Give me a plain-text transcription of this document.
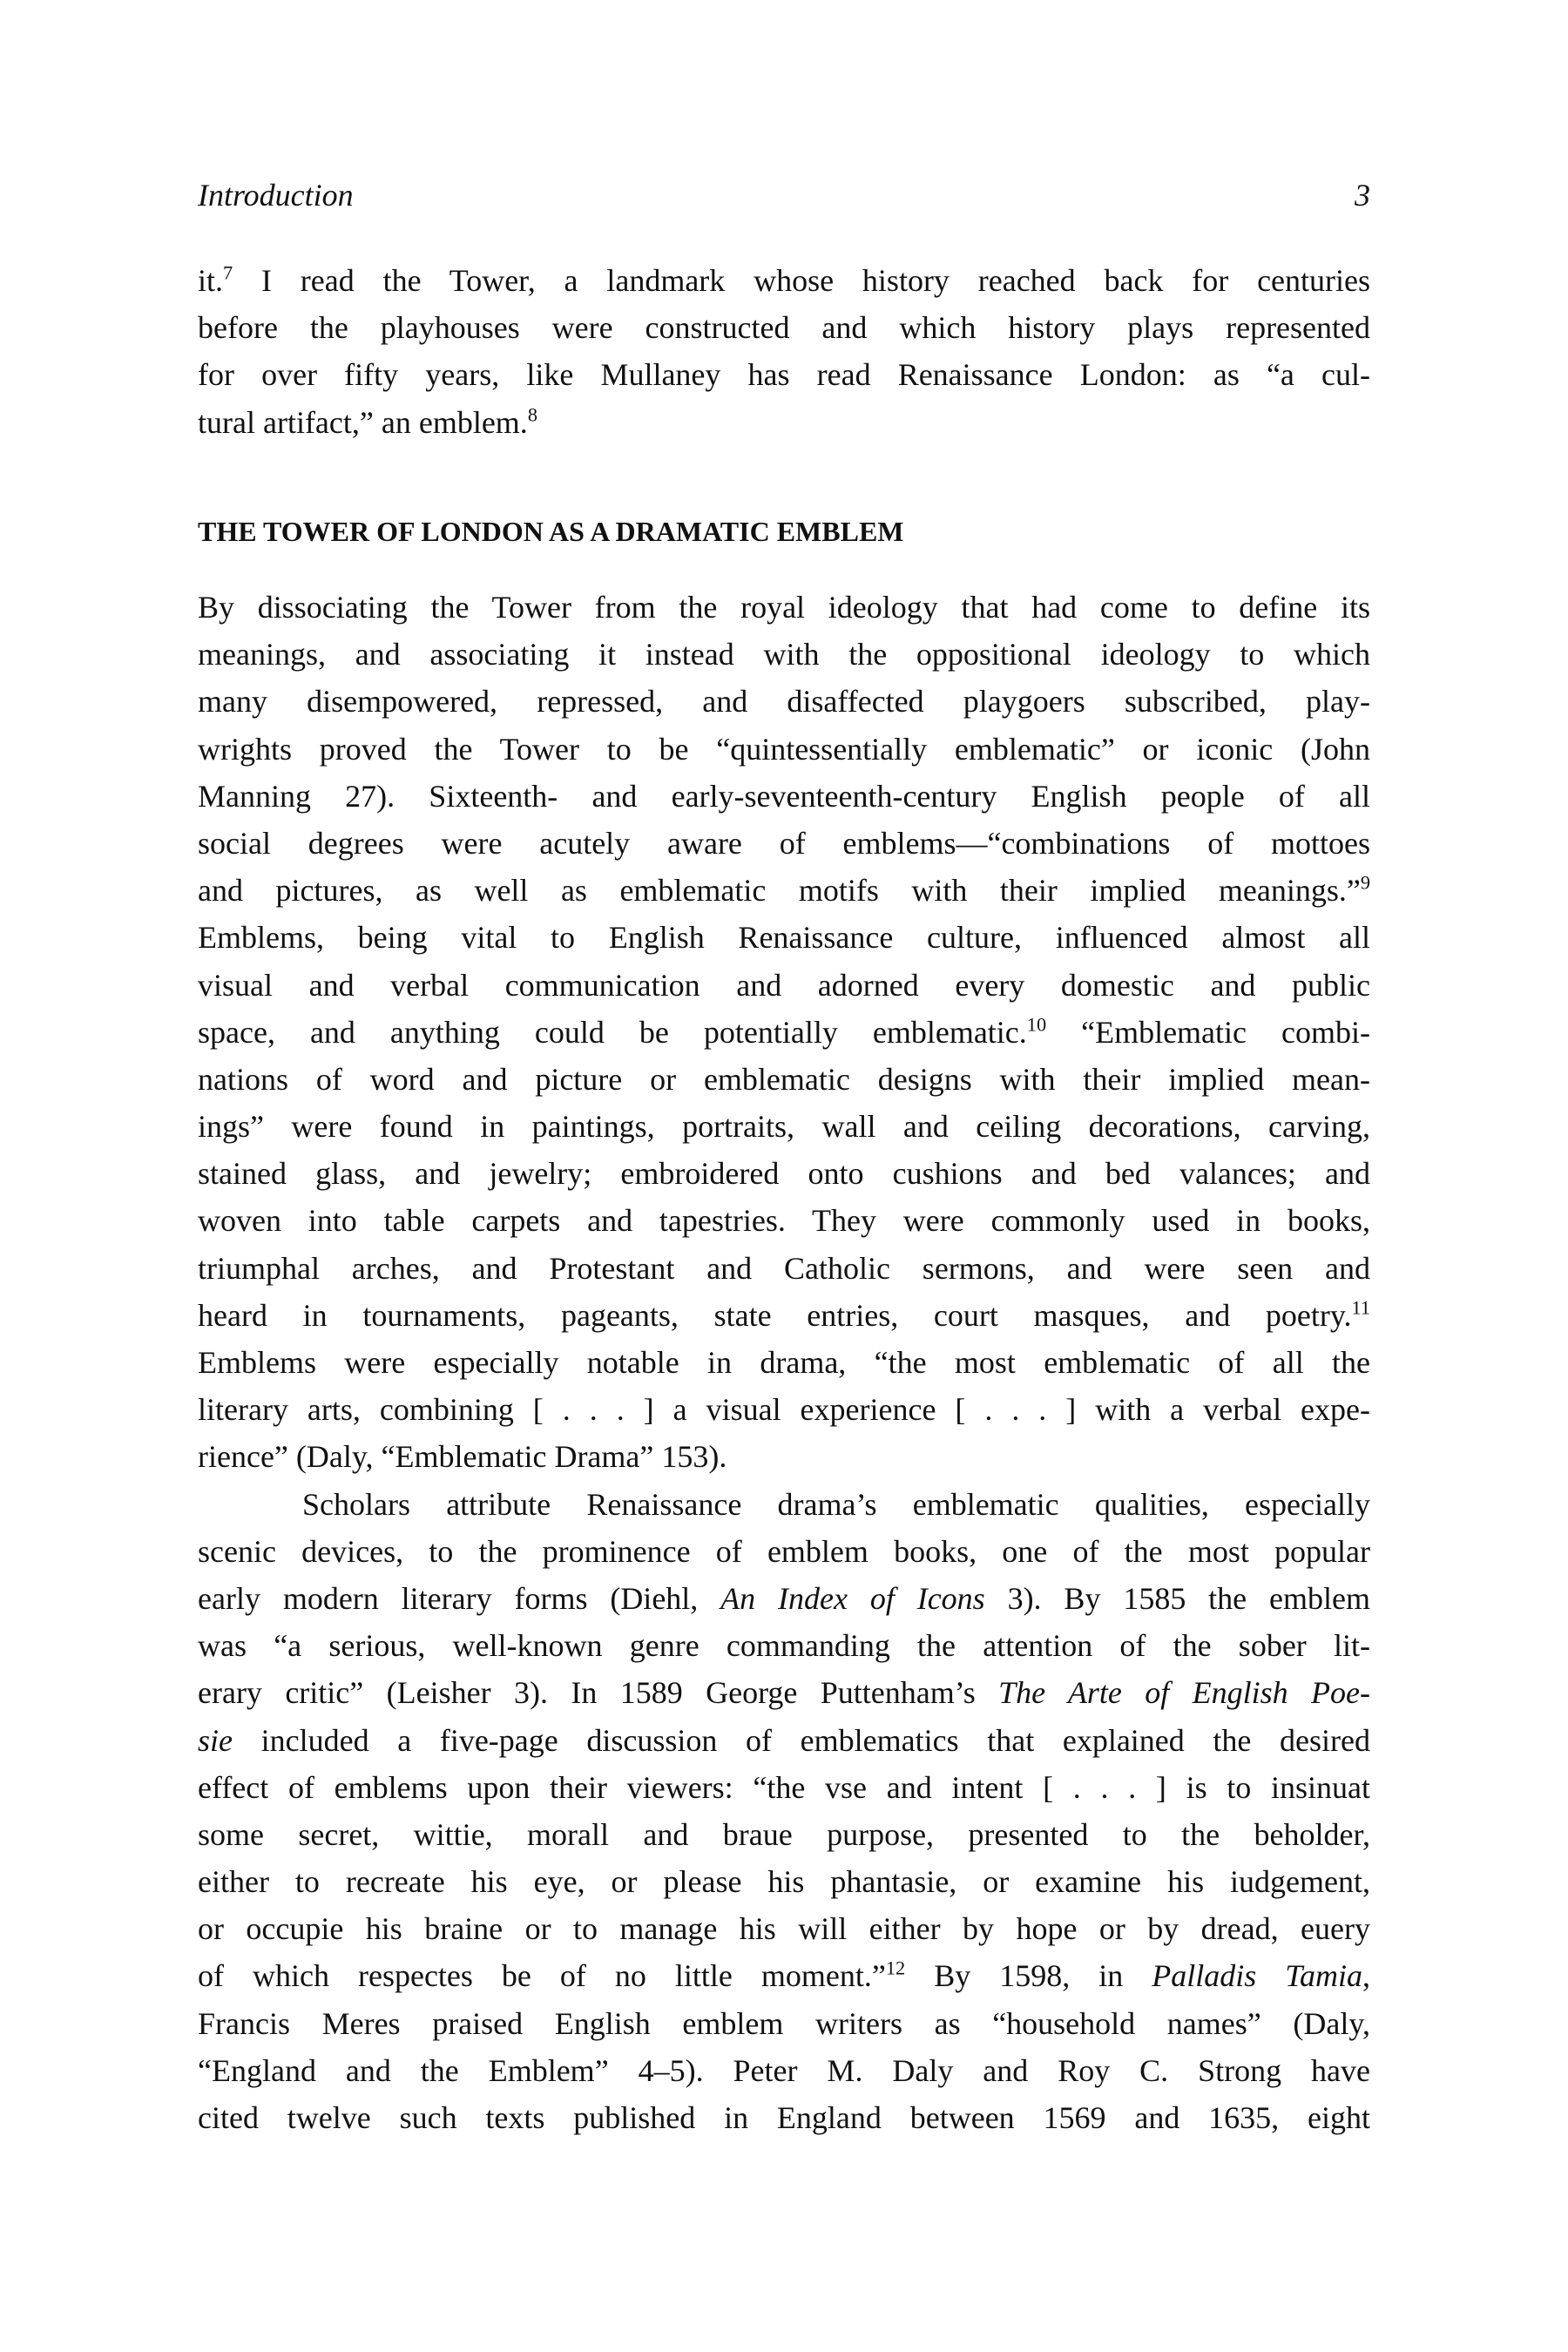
Introduction	3
it.$^7$ I read the Tower, a landmark whose history reached back for centuries
before the playhouses were constructed and which history plays represented
for over fifty years, like Mullaney has read Renaissance London: as “a cul-
tural artifact,” an emblem.$^8$
THE TOWER OF LONDON AS A DRAMATIC EMBLEM
By dissociating the Tower from the royal ideology that had come to define its
meanings, and associating it instead with the oppositional ideology to which
many disempowered, repressed, and disaffected playgoers subscribed, play-
wrights proved the Tower to be “quintessentially emblematic” or iconic (John
Manning 27). Sixteenth- and early-seventeenth-century English people of all
social degrees were acutely aware of emblems—“combinations of mottoes
and pictures, as well as emblematic motifs with their implied meanings.”$^9$
Emblems, being vital to English Renaissance culture, influenced almost all
visual and verbal communication and adorned every domestic and public
space, and anything could be potentially emblematic.$^{10}$ “Emblematic combi-
nations of word and picture or emblematic designs with their implied mean-
ings” were found in paintings, portraits, wall and ceiling decorations, carving,
stained glass, and jewelry; embroidered onto cushions and bed valances; and
woven into table carpets and tapestries. They were commonly used in books,
triumphal arches, and Protestant and Catholic sermons, and were seen and
heard in tournaments, pageants, state entries, court masques, and poetry.$^{11}$
Emblems were especially notable in drama, “the most emblematic of all the
literary arts, combining [ . . . ] a visual experience [ . . . ] with a verbal expe-
rience” (Daly, “Emblematic Drama” 153).
Scholars attribute Renaissance drama’s emblematic qualities, especially
scenic devices, to the prominence of emblem books, one of the most popular
early modern literary forms (Diehl, An Index of Icons 3). By 1585 the emblem
was “a serious, well-known genre commanding the attention of the sober lit-
erary critic” (Leisher 3). In 1589 George Puttenham’s The Arte of English Poe-
sie included a five-page discussion of emblematics that explained the desired
effect of emblems upon their viewers: “the vse and intent [ . . . ] is to insinuat
some secret, wittie, morall and braue purpose, presented to the beholder,
either to recreate his eye, or please his phantasie, or examine his iudgement,
or occupie his braine or to manage his will either by hope or by dread, euery
of which respectes be of no little moment.”$^{12}$ By 1598, in Palladis Tamia,
Francis Meres praised English emblem writers as “household names” (Daly,
“England and the Emblem” 4–5). Peter M. Daly and Roy C. Strong have
cited twelve such texts published in England between 1569 and 1635, eight
